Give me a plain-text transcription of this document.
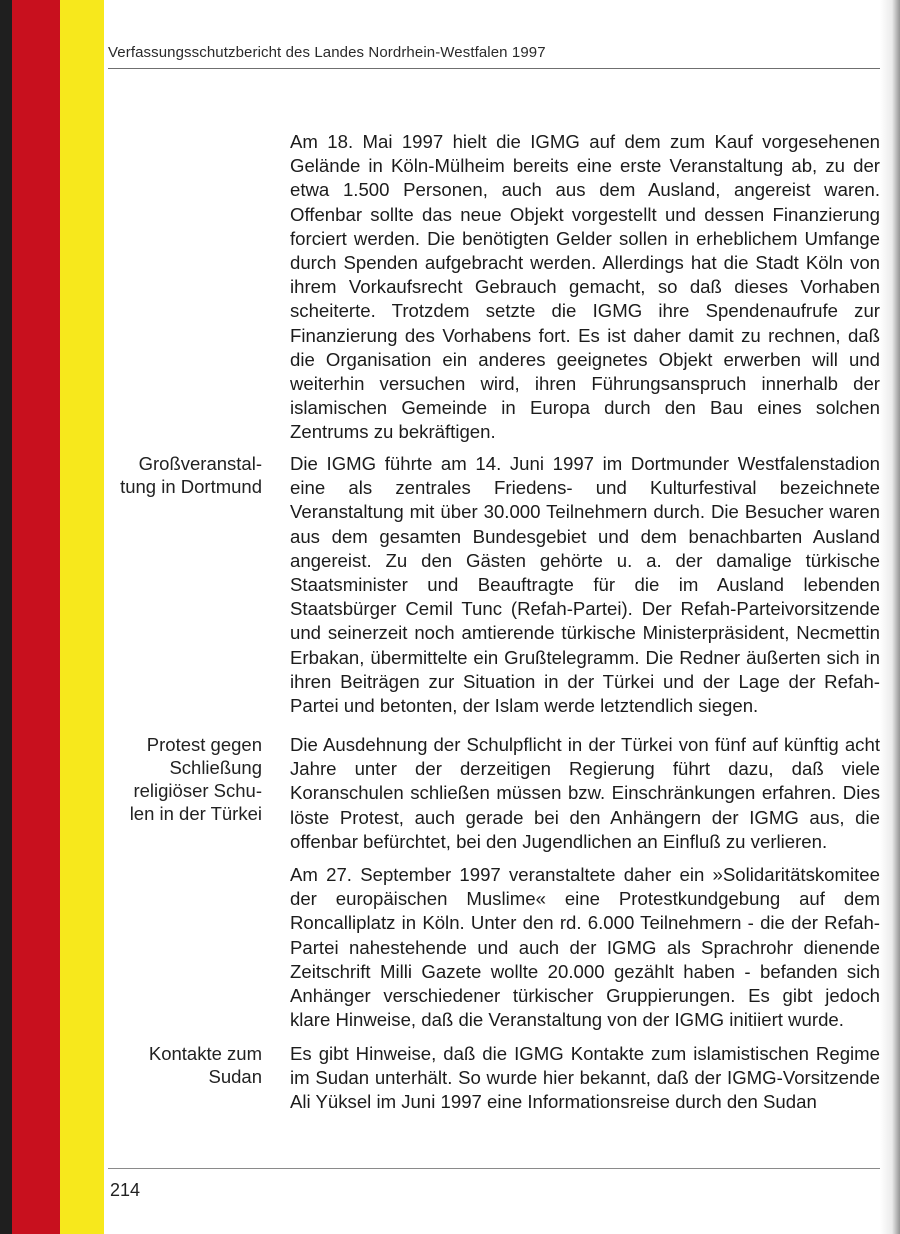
Verfassungsschutzbericht des Landes Nordrhein-Westfalen 1997
Großveranstal-
tung in Dortmund
Protest gegen
Schließung
religiöser Schu-
len in der Türkei
Kontakte zum
Sudan

Am 18. Mai 1997 hielt die IGMG auf dem zum Kauf vorgesehenen Gelände in Köln-Mülheim bereits eine erste Veranstaltung ab, zu der etwa 1.500 Personen, auch aus dem Ausland, angereist waren. Offenbar sollte das neue Objekt vorgestellt und dessen Finanzierung forciert werden. Die benötigten Gelder sollen in erheblichem Umfange durch Spenden aufgebracht werden. Allerdings hat die Stadt Köln von ihrem Vorkaufsrecht Gebrauch gemacht, so daß dieses Vorhaben scheiterte. Trotzdem setzte die IGMG ihre Spendenaufrufe zur Finanzierung des Vorhabens fort. Es ist daher damit zu rechnen, daß die Organisation ein anderes geeignetes Objekt erwerben will und weiterhin versuchen wird, ihren Führungsanspruch innerhalb der islamischen Gemeinde in Europa durch den Bau eines solchen Zentrums zu bekräftigen.

Die IGMG führte am 14. Juni 1997 im Dortmunder Westfalenstadion eine als zentrales Friedens- und Kulturfestival bezeichnete Veranstaltung mit über 30.000 Teilnehmern durch. Die Besucher waren aus dem gesamten Bundesgebiet und dem benachbarten Ausland angereist. Zu den Gästen gehörte u. a. der damalige türkische Staatsminister und Beauftragte für die im Ausland lebenden Staatsbürger Cemil Tunc (Refah-Partei). Der Refah-Parteivorsitzende und seinerzeit noch amtierende türkische Ministerpräsident, Necmettin Erbakan, übermittelte ein Grußtelegramm. Die Redner äußerten sich in ihren Beiträgen zur Situation in der Türkei und der Lage der Refah-Partei und betonten, der Islam werde letztendlich siegen.

Die Ausdehnung der Schulpflicht in der Türkei von fünf auf künftig acht Jahre unter der derzeitigen Regierung führt dazu, daß viele Koranschulen schließen müssen bzw. Einschränkungen erfahren. Dies löste Protest, auch gerade bei den Anhängern der IGMG aus, die offenbar befürchtet, bei den Jugendlichen an Einfluß zu verlieren.

Am 27. September 1997 veranstaltete daher ein »Solidaritätskomitee der europäischen Muslime« eine Protestkundgebung auf dem Roncalliplatz in Köln. Unter den rd. 6.000 Teilnehmern - die der Refah-Partei nahestehende und auch der IGMG als Sprachrohr dienende Zeitschrift Milli Gazete wollte 20.000 gezählt haben - befanden sich Anhänger verschiedener türkischer Gruppierungen. Es gibt jedoch klare Hinweise, daß die Veranstaltung von der IGMG initiiert wurde.

Es gibt Hinweise, daß die IGMG Kontakte zum islamistischen Regime im Sudan unterhält. So wurde hier bekannt, daß der IGMG-Vorsitzende Ali Yüksel im Juni 1997 eine Informationsreise durch den Sudan

214
